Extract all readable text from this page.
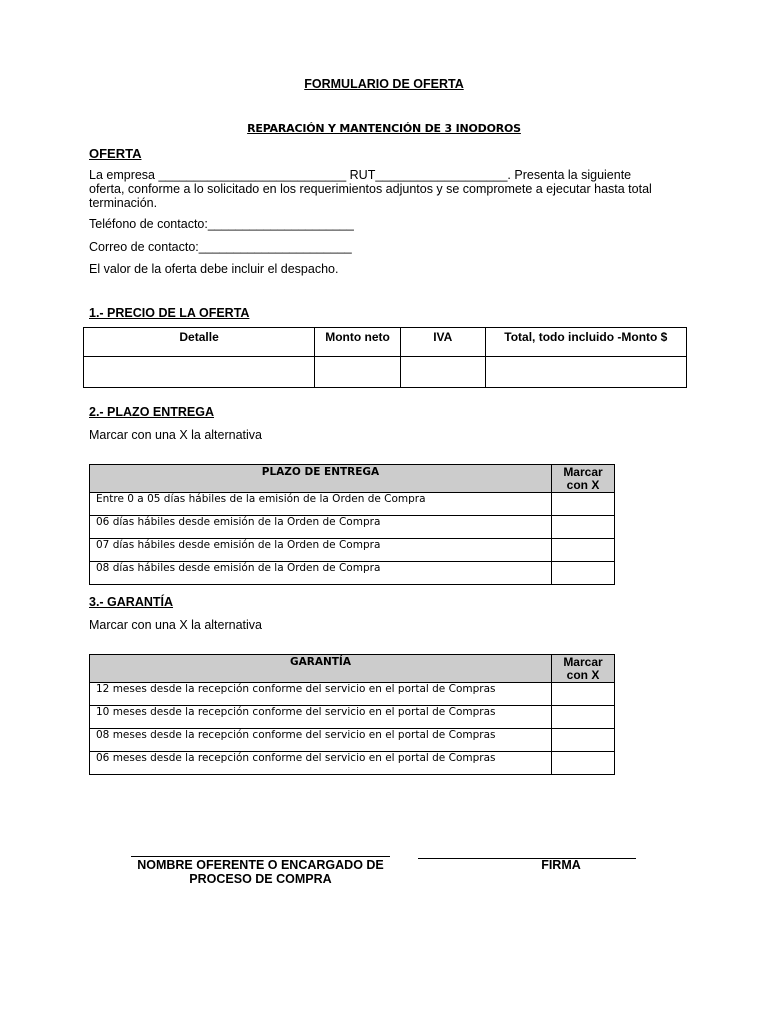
FORMULARIO DE OFERTA
REPARACIÓN Y MANTENCIÓN DE 3 INODOROS
OFERTA
La empresa ___________________________ RUT___________________. Presenta la siguiente oferta, conforme a lo solicitado en los requerimientos adjuntos y se compromete a ejecutar hasta total terminación.
Teléfono de contacto:_____________________
Correo de contacto:______________________
El valor de la oferta debe incluir el despacho.
1.- PRECIO DE LA OFERTA
Detalle	Monto neto	IVA	Total, todo incluido -Monto $

2.- PLAZO ENTREGA
Marcar con una X la alternativa
PLAZO DE ENTREGA	Marcar con X
Entre 0 a 05 días hábiles de la emisión de la Orden de Compra	
06 días hábiles desde emisión de la Orden de Compra	
07 días hábiles desde emisión de la Orden de Compra	
08 días hábiles desde emisión de la Orden de Compra	
3.- GARANTÍA
Marcar con una X la alternativa
GARANTÍA	Marcar con X
12 meses desde la recepción conforme del servicio en el portal de Compras	
10 meses desde la recepción conforme del servicio en el portal de Compras	
08 meses desde la recepción conforme del servicio en el portal de Compras	
06 meses desde la recepción conforme del servicio en el portal de Compras	
NOMBRE OFERENTE O ENCARGADO DE PROCESO DE COMPRA
FIRMA
